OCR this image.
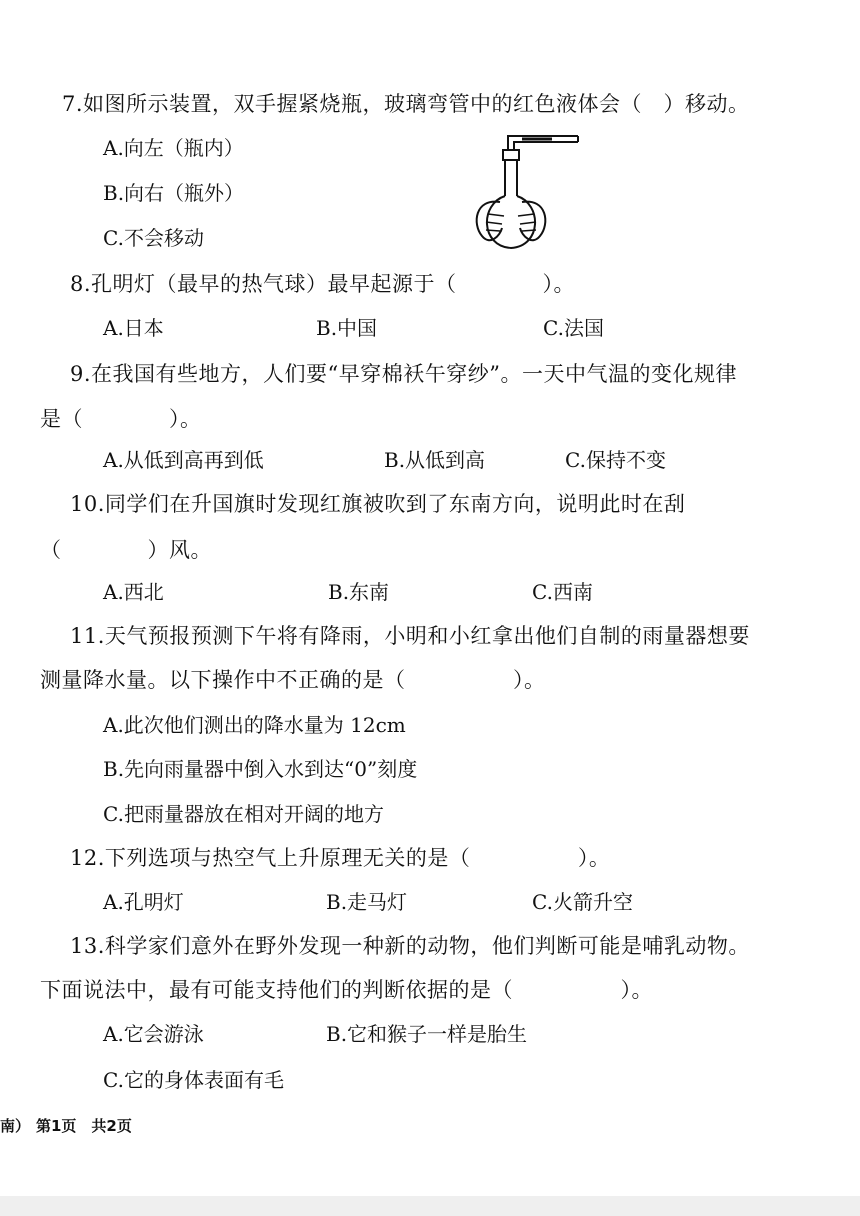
7.如图所示装置，双手握紧烧瓶，玻璃弯管中的红色液体会（　）移动。
A.向左（瓶内）
B.向右（瓶外）
C.不会移动
8.孔明灯（最早的热气球）最早起源于（　　　　）。
A.日本	B.中国	C.法国
9.在我国有些地方，人们要“早穿棉袄午穿纱”。一天中气温的变化规律
是（　　　　）。
A.从低到高再到低	B.从低到高	C.保持不变
10.同学们在升国旗时发现红旗被吹到了东南方向，说明此时在刮
（　　　　）风。
A.西北	B.东南	C.西南
11.天气预报预测下午将有降雨，小明和小红拿出他们自制的雨量器想要
测量降水量。以下操作中不正确的是（　　　　　）。
A.此次他们测出的降水量为 12cm
B.先向雨量器中倒入水到达“0”刻度
C.把雨量器放在相对开阔的地方
12.下列选项与热空气上升原理无关的是（　　　　　）。
A.孔明灯	B.走马灯	C.火箭升空
13.科学家们意外在野外发现一种新的动物，他们判断可能是哺乳动物。
下面说法中，最有可能支持他们的判断依据的是（　　　　　）。
A.它会游泳	B.它和猴子一样是胎生
C.它的身体表面有毛
南） 第1页　共2页
